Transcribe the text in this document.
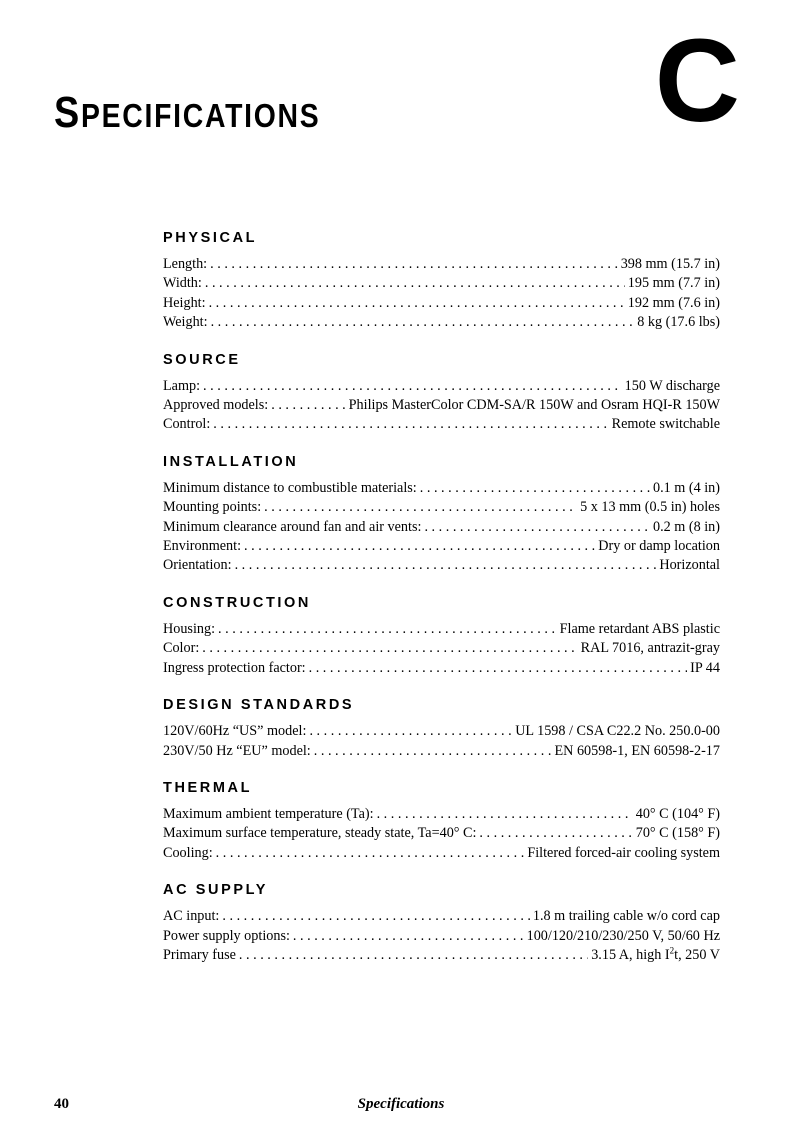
SPECIFICATIONS	C
PHYSICAL
Length: . . .	398 mm (15.7 in)
Width: . . .	195 mm (7.7 in)
Height: . . .	192 mm (7.6 in)
Weight: . . .	8 kg (17.6 lbs)
SOURCE
Lamp: . . .	150 W discharge
Approved models: . . .	Philips MasterColor CDM-SA/R 150W and Osram HQI-R 150W
Control: . . .	Remote switchable
INSTALLATION
Minimum distance to combustible materials: . . .	0.1 m (4 in)
Mounting points: . . .	5 x 13 mm (0.5 in) holes
Minimum clearance around fan and air vents: . . .	0.2 m (8 in)
Environment: . . .	Dry or damp location
Orientation: . . .	Horizontal
CONSTRUCTION
Housing: . . .	Flame retardant ABS plastic
Color: . . .	RAL 7016, antrazit-gray
Ingress protection factor: . . .	IP 44
DESIGN STANDARDS
120V/60Hz “US” model: . . .	UL 1598 / CSA C22.2 No. 250.0-00
230V/50 Hz “EU” model: . . .	EN 60598-1, EN 60598-2-17
THERMAL
Maximum ambient temperature (Ta): . . .	40° C (104° F)
Maximum surface temperature, steady state, Ta=40° C: . . .	70° C (158° F)
Cooling: . . .	Filtered forced-air cooling system
AC SUPPLY
AC input: . . .	1.8 m trailing cable w/o cord cap
Power supply options: . . .	100/120/210/230/250 V, 50/60 Hz
Primary fuse . . .	3.15 A, high $I^2t$, 250 V
40	Specifications
